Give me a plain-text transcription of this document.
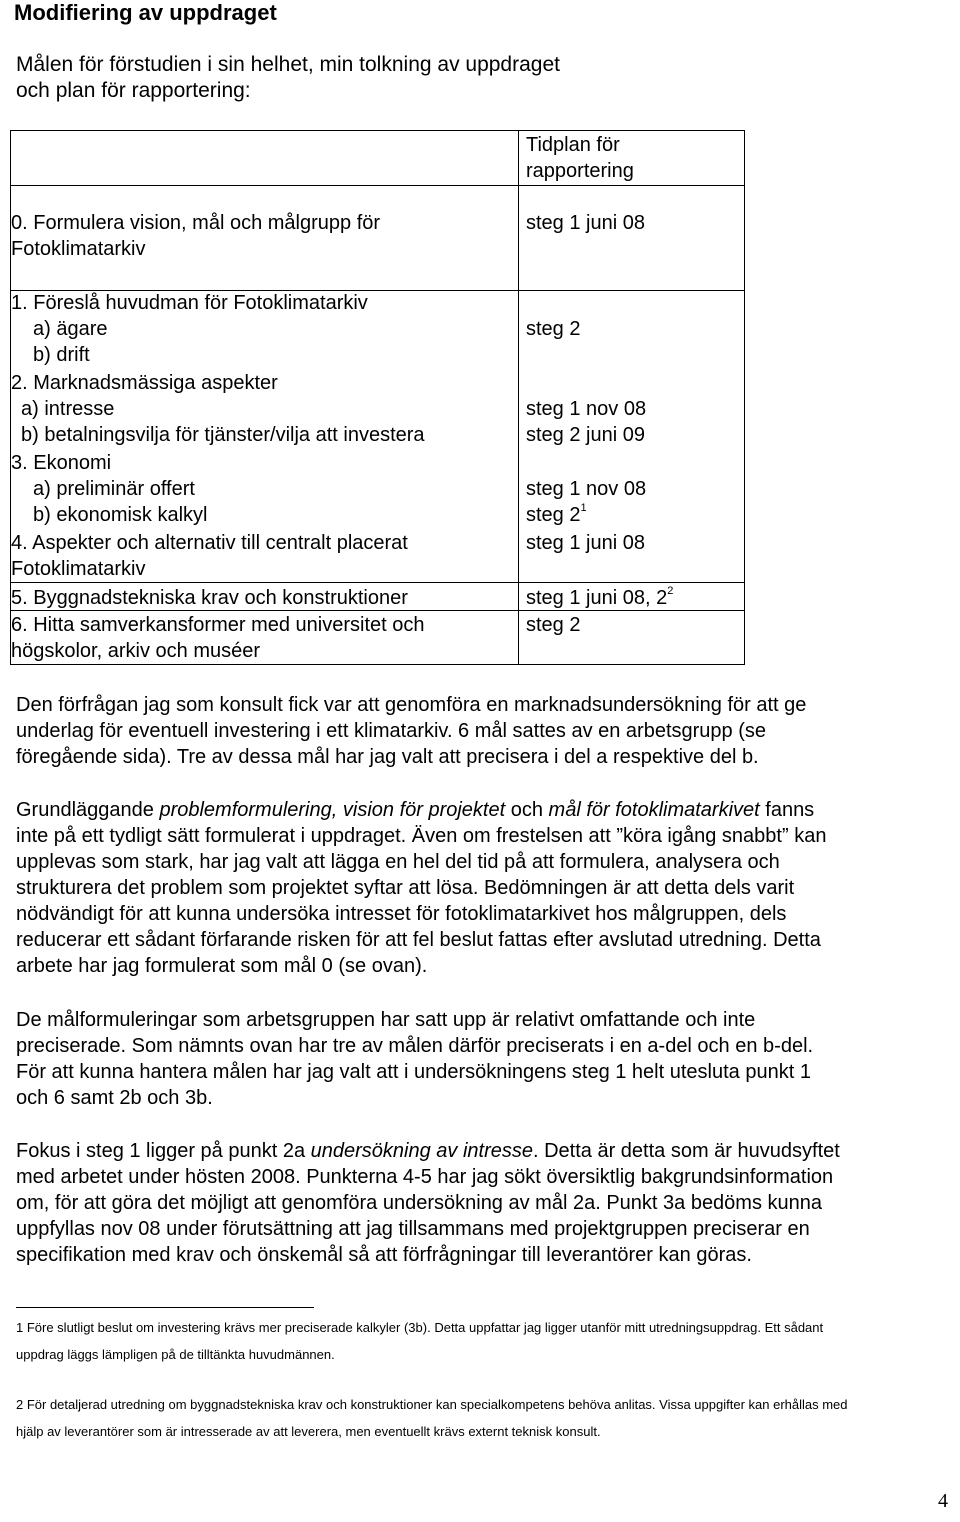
Modifiering av uppdraget
Målen för förstudien i sin helhet, min tolkning av uppdraget
och plan för rapportering:
Tidplan för
rapportering
0. Formulera vision, mål och målgrupp för
Fotoklimatarkiv
steg 1 juni 08
1. Föreslå huvudman för Fotoklimatarkiv
a) ägare
b) drift
steg 2
2. Marknadsmässiga aspekter
a) intresse
b) betalningsvilja för tjänster/vilja att investera
steg 1 nov 08
steg 2 juni 09
3. Ekonomi
a) preliminär offert
b) ekonomisk kalkyl
steg 1 nov 08
steg $2^1$
4. Aspekter och alternativ till centralt placerat
Fotoklimatarkiv
steg 1 juni 08
5. Byggnadstekniska krav och konstruktioner	steg 1 juni 08, $2^2$
6. Hitta samverkansformer med universitet och
högskolor, arkiv och muséer
steg 2
Den förfrågan jag som konsult fick var att genomföra en marknadsundersökning för att ge
underlag för eventuell investering i ett klimatarkiv. 6 mål sattes av en arbetsgrupp (se
föregående sida). Tre av dessa mål har jag valt att precisera i del a respektive del b.
Grundläggande problemformulering, vision för projektet och mål för fotoklimatarkivet fanns
inte på ett tydligt sätt formulerat i uppdraget. Även om frestelsen att ”köra igång snabbt” kan
upplevas som stark, har jag valt att lägga en hel del tid på att formulera, analysera och
strukturera det problem som projektet syftar att lösa. Bedömningen är att detta dels varit
nödvändigt för att kunna undersöka intresset för fotoklimatarkivet hos målgruppen, dels
reducerar ett sådant förfarande risken för att fel beslut fattas efter avslutad utredning. Detta
arbete har jag formulerat som mål 0 (se ovan).
De målformuleringar som arbetsgruppen har satt upp är relativt omfattande och inte
preciserade. Som nämnts ovan har tre av målen därför preciserats i en a-del och en b-del.
För att kunna hantera målen har jag valt att i undersökningens steg 1 helt utesluta punkt 1
och 6 samt 2b och 3b.
Fokus i steg 1 ligger på punkt 2a undersökning av intresse. Detta är detta som är huvudsyftet
med arbetet under hösten 2008. Punkterna 4-5 har jag sökt översiktlig bakgrundsinformation
om, för att göra det möjligt att genomföra undersökning av mål 2a. Punkt 3a bedöms kunna
uppfyllas nov 08 under förutsättning att jag tillsammans med projektgruppen preciserar en
specifikation med krav och önskemål så att förfrågningar till leverantörer kan göras.
1 Före slutligt beslut om investering krävs mer preciserade kalkyler (3b). Detta uppfattar jag ligger utanför mitt utredningsuppdrag. Ett sådant
uppdrag läggs lämpligen på de tilltänkta huvudmännen.
2 För detaljerad utredning om byggnadstekniska krav och konstruktioner kan specialkompetens behöva anlitas. Vissa uppgifter kan erhållas med
hjälp av leverantörer som är intresserade av att leverera, men eventuellt krävs externt teknisk konsult.
4
